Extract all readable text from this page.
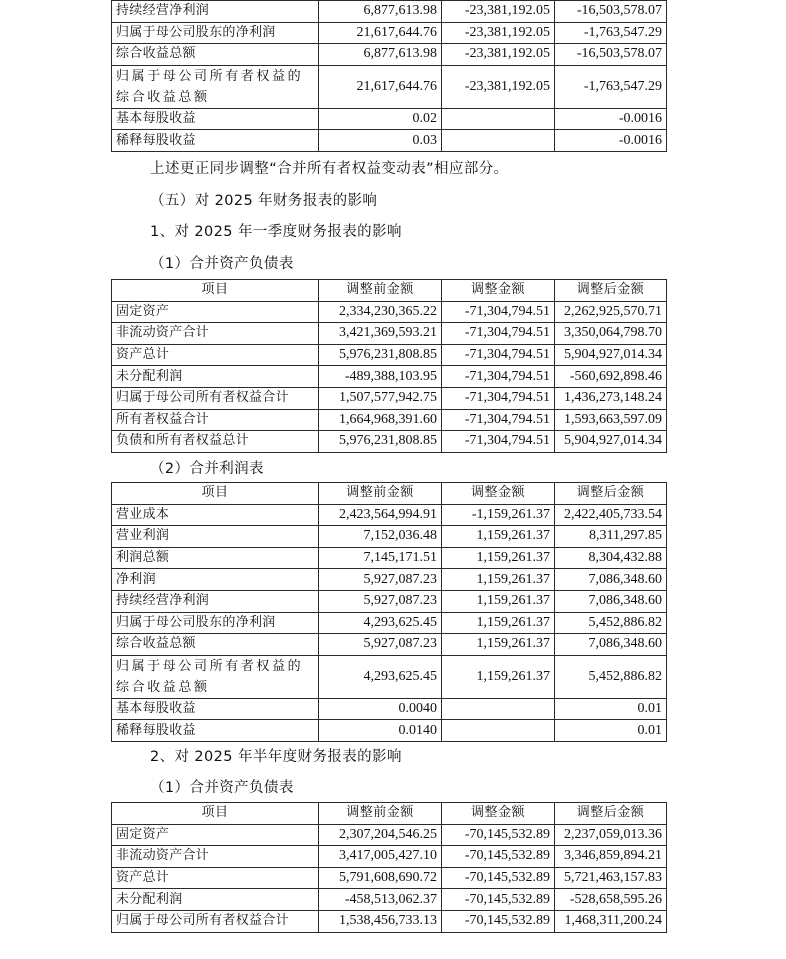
持续经营净利润	6,877,613.98	-23,381,192.05	-16,503,578.07
归属于母公司股东的净利润	21,617,644.76	-23,381,192.05	-1,763,547.29
综合收益总额	6,877,613.98	-23,381,192.05	-16,503,578.07
归属于母公司所有者权益的综合收益总额	21,617,644.76	-23,381,192.05	-1,763,547.29
基本每股收益	0.02		-0.0016
稀释每股收益	0.03		-0.0016
上述更正同步调整“合并所有者权益变动表”相应部分。
（五）对 2025 年财务报表的影响
1、对 2025 年一季度财务报表的影响
（1）合并资产负债表
项目	调整前金额	调整金额	调整后金额
固定资产	2,334,230,365.22	-71,304,794.51	2,262,925,570.71
非流动资产合计	3,421,369,593.21	-71,304,794.51	3,350,064,798.70
资产总计	5,976,231,808.85	-71,304,794.51	5,904,927,014.34
未分配利润	-489,388,103.95	-71,304,794.51	-560,692,898.46
归属于母公司所有者权益合计	1,507,577,942.75	-71,304,794.51	1,436,273,148.24
所有者权益合计	1,664,968,391.60	-71,304,794.51	1,593,663,597.09
负债和所有者权益总计	5,976,231,808.85	-71,304,794.51	5,904,927,014.34
（2）合并利润表
项目	调整前金额	调整金额	调整后金额
营业成本	2,423,564,994.91	-1,159,261.37	2,422,405,733.54
营业利润	7,152,036.48	1,159,261.37	8,311,297.85
利润总额	7,145,171.51	1,159,261.37	8,304,432.88
净利润	5,927,087.23	1,159,261.37	7,086,348.60
持续经营净利润	5,927,087.23	1,159,261.37	7,086,348.60
归属于母公司股东的净利润	4,293,625.45	1,159,261.37	5,452,886.82
综合收益总额	5,927,087.23	1,159,261.37	7,086,348.60
归属于母公司所有者权益的综合收益总额	4,293,625.45	1,159,261.37	5,452,886.82
基本每股收益	0.0040		0.01
稀释每股收益	0.0140		0.01
2、对 2025 年半年度财务报表的影响
（1）合并资产负债表
项目	调整前金额	调整金额	调整后金额
固定资产	2,307,204,546.25	-70,145,532.89	2,237,059,013.36
非流动资产合计	3,417,005,427.10	-70,145,532.89	3,346,859,894.21
资产总计	5,791,608,690.72	-70,145,532.89	5,721,463,157.83
未分配利润	-458,513,062.37	-70,145,532.89	-528,658,595.26
归属于母公司所有者权益合计	1,538,456,733.13	-70,145,532.89	1,468,311,200.24
